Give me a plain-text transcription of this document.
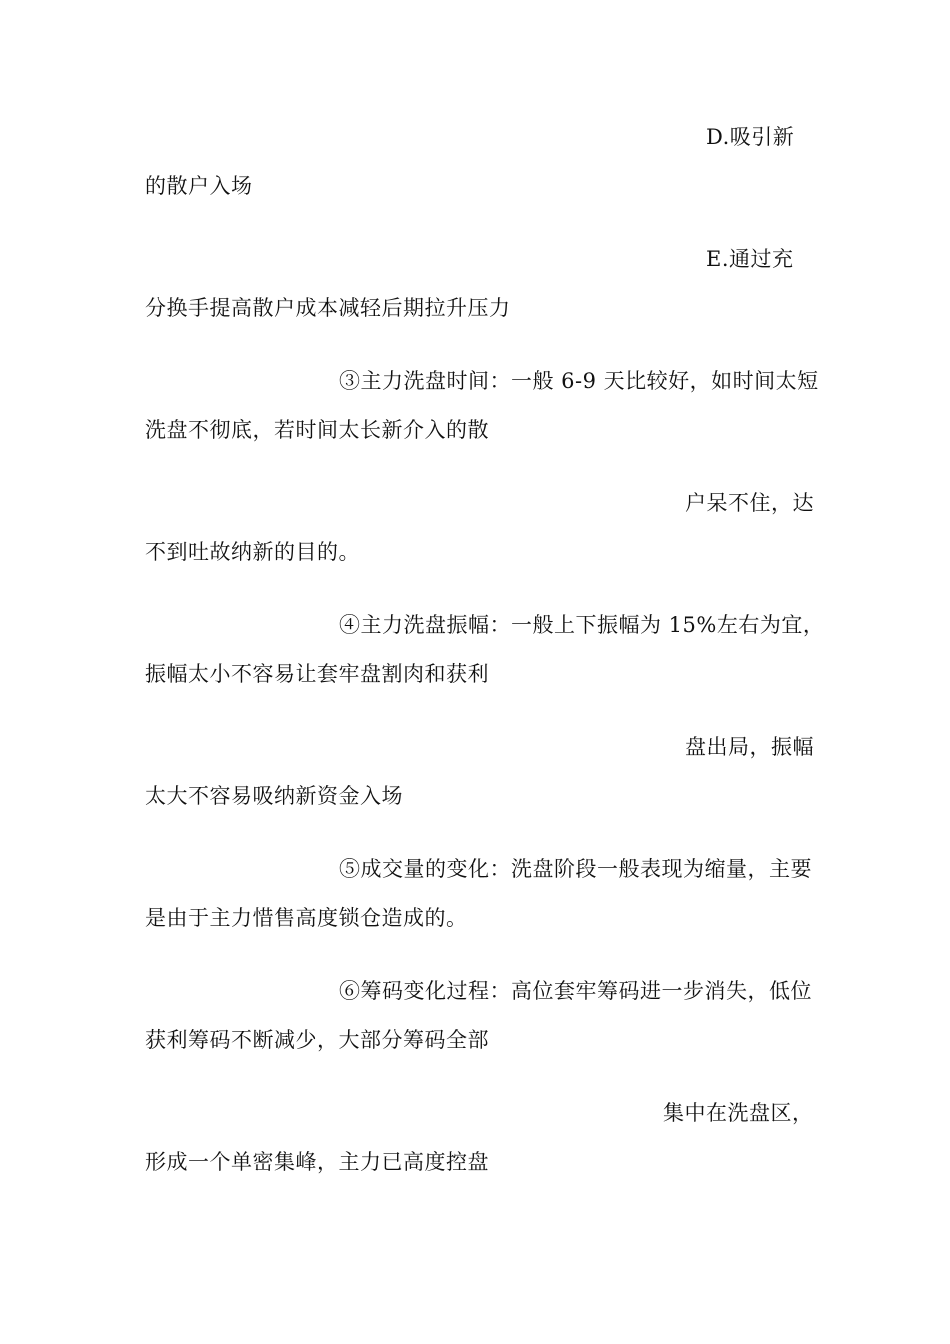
D.吸引新
的散户入场
E.通过充
分换手提高散户成本减轻后期拉升压力
③主力洗盘时间：一般 6-9 天比较好，如时间太短
洗盘不彻底，若时间太长新介入的散
户呆不住，达
不到吐故纳新的目的。
④主力洗盘振幅：一般上下振幅为 15%左右为宜，
振幅太小不容易让套牢盘割肉和获利
盘出局，振幅
太大不容易吸纳新资金入场
⑤成交量的变化：洗盘阶段一般表现为缩量，主要
是由于主力惜售高度锁仓造成的。
⑥筹码变化过程：高位套牢筹码进一步消失，低位
获利筹码不断减少，大部分筹码全部
集中在洗盘区，
形成一个单密集峰，主力已高度控盘
